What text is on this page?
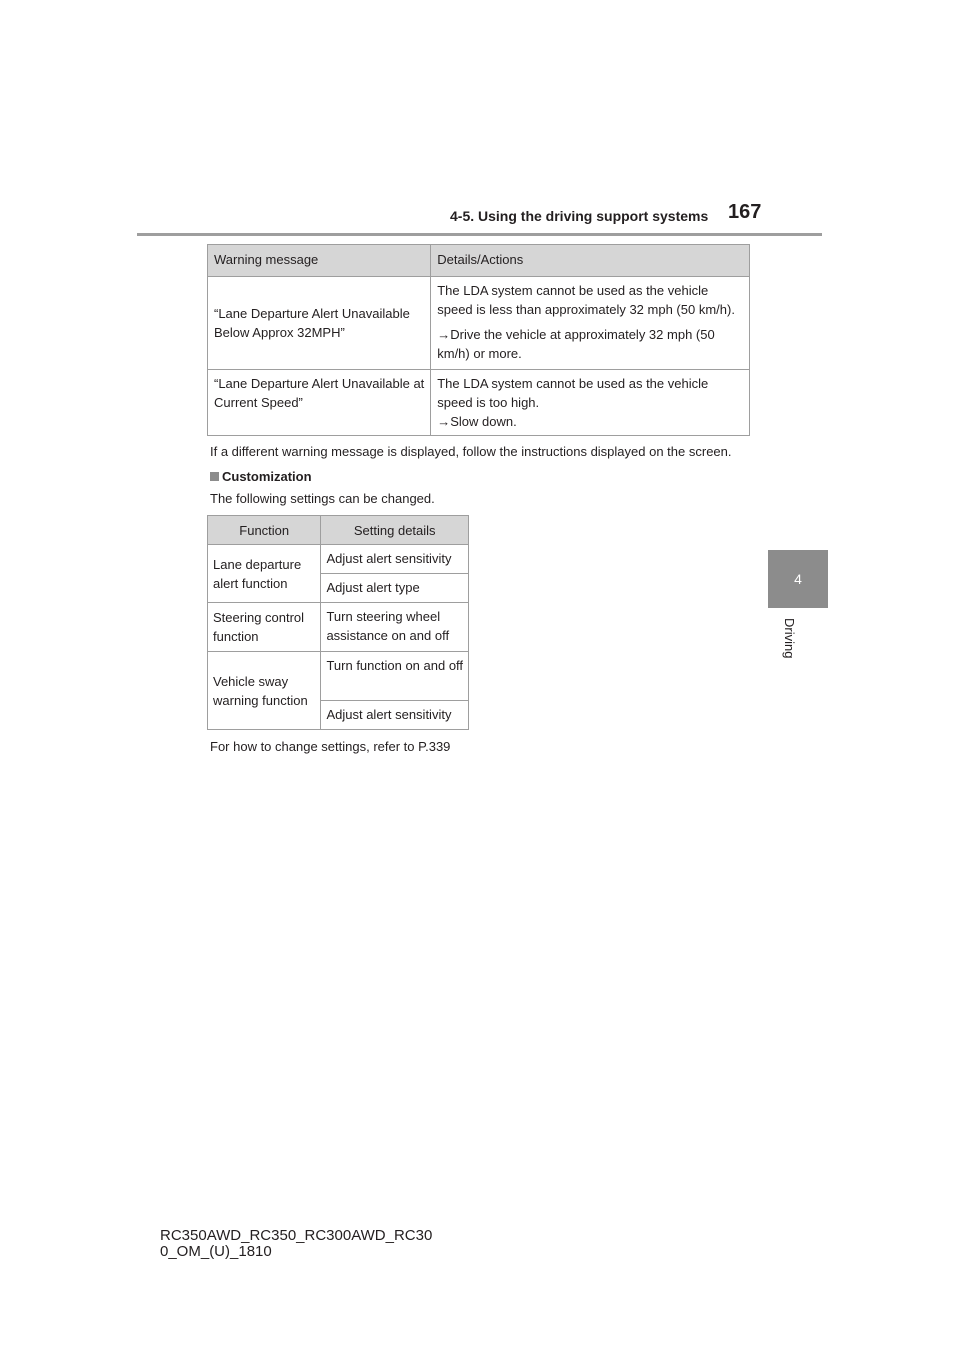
4-5. Using the driving support systems 167
4
Driving
Warning message	Details/Actions
“Lane Departure Alert Unavailable Below Approx 32MPH”	The LDA system cannot be used as the vehicle speed is less than approximately 32 mph (50 km/h).

→Drive the vehicle at approximately 32 mph (50 km/h) or more.

“Lane Departure Alert Unavailable at Current Speed”	The LDA system cannot be used as the vehicle speed is too high.

→Slow down.

If a different warning message is displayed, follow the instructions displayed on the screen.

Customization

The following settings can be changed.

Function	Setting details
Lane departure alert function	Adjust alert sensitivity
	Adjust alert type
Steering control function	Turn steering wheel assistance on and off
Vehicle sway warning function	Turn function on and off
	Adjust alert sensitivity

For how to change settings, refer to P.339

RC350AWD_RC350_RC300AWD_RC30
0_OM_(U)_1810
